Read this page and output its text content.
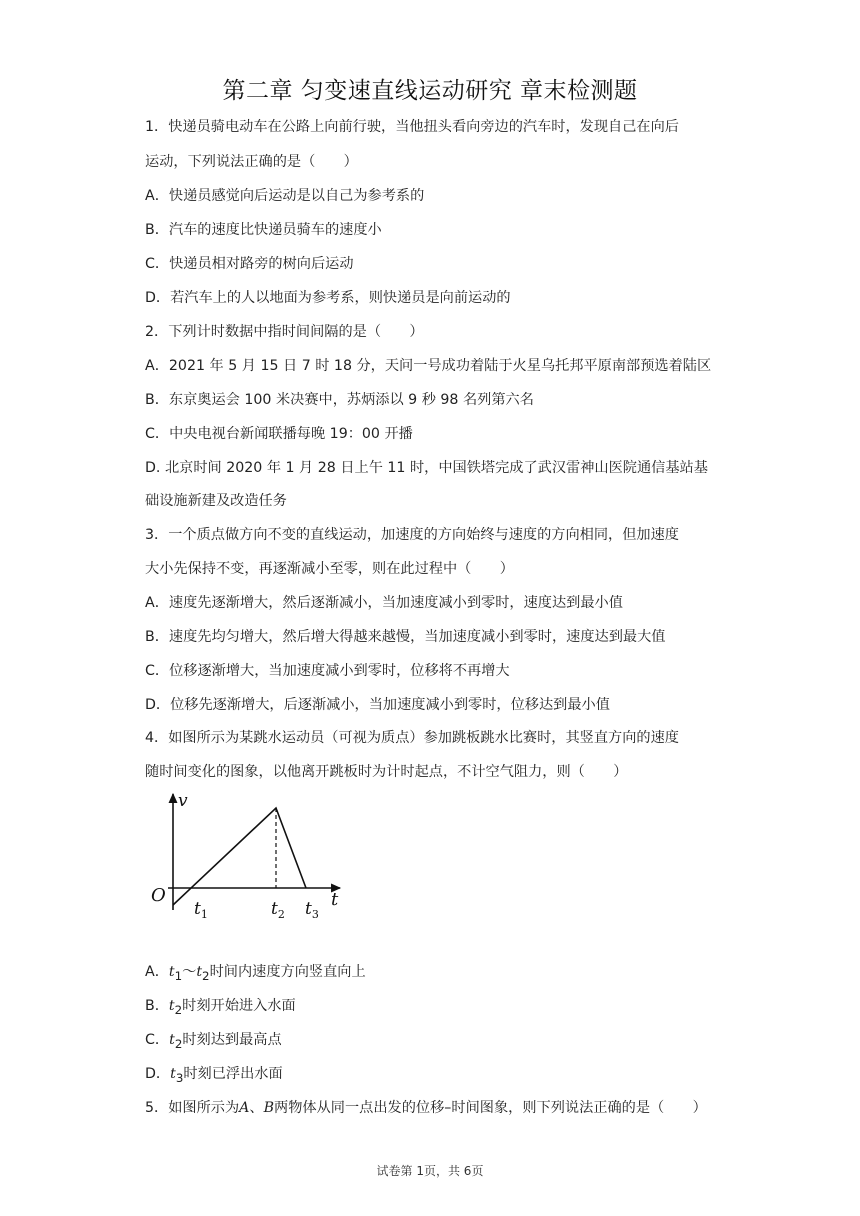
第二章 匀变速直线运动研究 章末检测题
1．快递员骑电动车在公路上向前行驶，当他扭头看向旁边的汽车时，发现自己在向后
运动，下列说法正确的是（　　）
A．快递员感觉向后运动是以自己为参考系的
B．汽车的速度比快递员骑车的速度小
C．快递员相对路旁的树向后运动
D．若汽车上的人以地面为参考系，则快递员是向前运动的
2．下列计时数据中指时间间隔的是（　　）
A．2021 年 5 月 15 日 7 时 18 分，天问一号成功着陆于火星乌托邦平原南部预选着陆区
B．东京奥运会 100 米决赛中，苏炳添以 9 秒 98 名列第六名
C．中央电视台新闻联播每晚 19：00 开播
D. 北京时间 2020 年 1 月 28 日上午 11 时，中国铁塔完成了武汉雷神山医院通信基站基
础设施新建及改造任务
3．一个质点做方向不变的直线运动，加速度的方向始终与速度的方向相同，但加速度
大小先保持不变，再逐渐减小至零，则在此过程中（　　）
A．速度先逐渐增大，然后逐渐减小，当加速度减小到零时，速度达到最小值
B．速度先均匀增大，然后增大得越来越慢，当加速度减小到零时，速度达到最大值
C．位移逐渐增大，当加速度减小到零时，位移将不再增大
D．位移先逐渐增大，后逐渐减小，当加速度减小到零时，位移达到最小值
4．如图所示为某跳水运动员（可视为质点）参加跳板跳水比赛时，其竖直方向的速度
随时间变化的图象，以他离开跳板时为计时起点，不计空气阻力，则（　　）
v
t
O
$t_1$	$t_2$ $t_3$
A．$t_1\sim t_2$时间内速度方向竖直向上
B．$t_2$时刻开始进入水面
C．$t_2$时刻达到最高点
D．$t_3$时刻已浮出水面
5．如图所示为A、B两物体从同一点出发的位移–时间图象，则下列说法正确的是（　　）
试卷第 1页，共 6页
